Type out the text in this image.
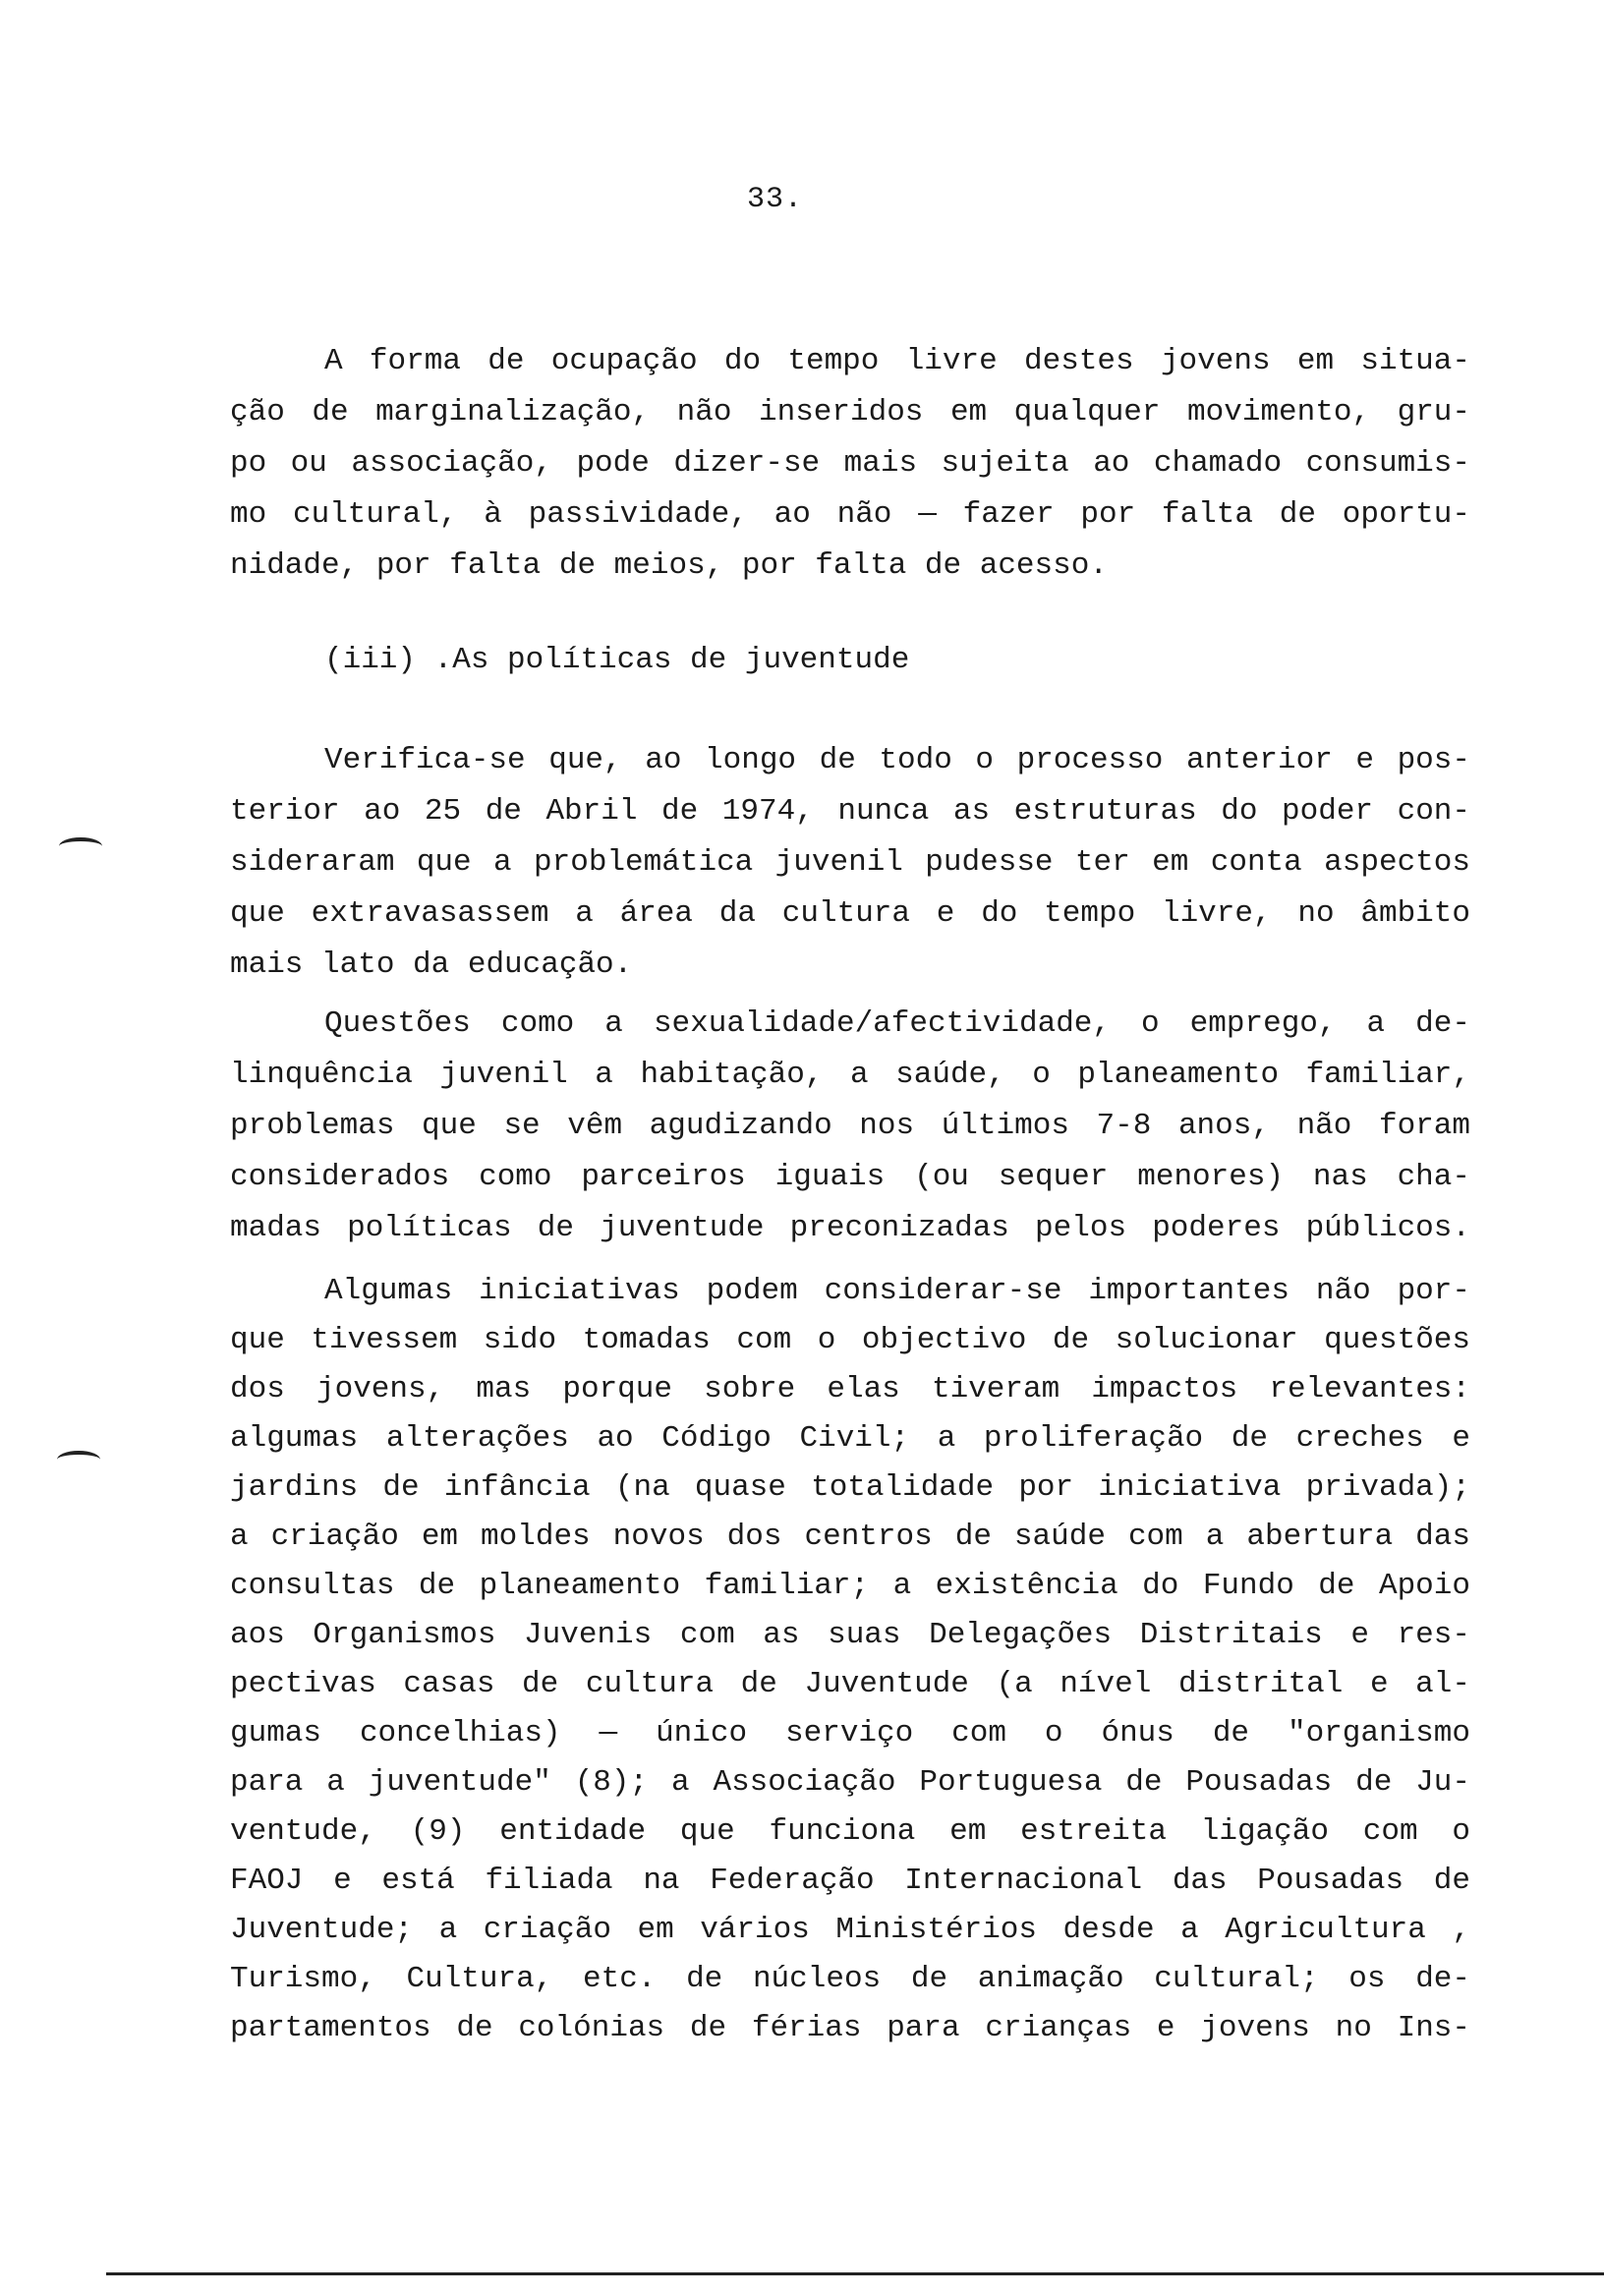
33.
A forma de ocupação do tempo livre destes jovens em situa-
ção de marginalização, não inseridos em qualquer movimento, gru-
po ou associação, pode dizer-se mais sujeita ao chamado consumis-
mo cultural, à passividade, ao não — fazer por falta de oportu-
nidade, por falta de meios, por falta de acesso.
(iii) .As políticas de juventude
Verifica-se que, ao longo de todo o processo anterior e pos-
terior ao 25 de Abril de 1974, nunca as estruturas do poder con-
sideraram que a problemática juvenil pudesse ter em conta aspectos
que extravasassem a área da cultura e do tempo livre, no âmbito
mais lato da educação.
Questões como a sexualidade/afectividade, o emprego, a de-
linquência juvenil a habitação, a saúde, o planeamento familiar,
problemas que se vêm agudizando nos últimos 7-8 anos, não foram
considerados como parceiros iguais (ou sequer menores) nas cha-
madas políticas de juventude preconizadas pelos poderes públicos.
Algumas iniciativas podem considerar-se importantes não por-
que tivessem sido tomadas com o objectivo de solucionar questões
dos jovens, mas porque sobre elas tiveram impactos relevantes:
algumas alterações ao Código Civil; a proliferação de creches e
jardins de infância (na quase totalidade por iniciativa privada);
a criação em moldes novos dos centros de saúde com a abertura das
consultas de planeamento familiar; a existência do Fundo de Apoio
aos Organismos Juvenis com as suas Delegações Distritais e res-
pectivas casas de cultura de Juventude (a nível distrital e al-
gumas concelhias) — único serviço com o ónus de "organismo
para a juventude" (8); a Associação Portuguesa de Pousadas de Ju-
ventude, (9) entidade que funciona em estreita ligação com o
FAOJ e está filiada na Federação Internacional das Pousadas de
Juventude; a criação em vários Ministérios desde a Agricultura ,
Turismo, Cultura, etc. de núcleos de animação cultural; os de-
partamentos de colónias de férias para crianças e jovens no Ins-
